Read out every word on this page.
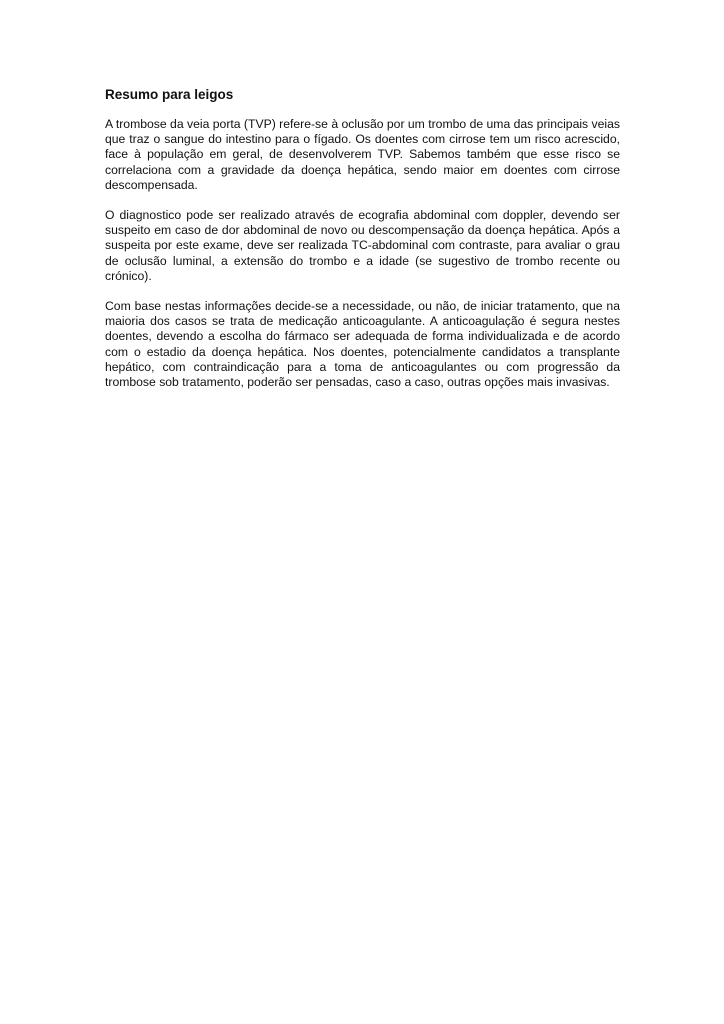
Resumo para leigos

A trombose da veia porta (TVP) refere-se à oclusão por um trombo de uma das principais veias que traz o sangue do intestino para o fígado. Os doentes com cirrose tem um risco acrescido, face à população em geral, de desenvolverem TVP. Sabemos também que esse risco se correlaciona com a gravidade da doença hepática, sendo maior em doentes com cirrose descompensada.

O diagnostico pode ser realizado através de ecografia abdominal com doppler, devendo ser suspeito em caso de dor abdominal de novo ou descompensação da doença hepática. Após a suspeita por este exame, deve ser realizada TC-abdominal com contraste, para avaliar o grau de oclusão luminal, a extensão do trombo e a idade (se sugestivo de trombo recente ou crónico).

Com base nestas informações decide-se a necessidade, ou não, de iniciar tratamento, que na maioria dos casos se trata de medicação anticoagulante. A anticoagulação é segura nestes doentes, devendo a escolha do fármaco ser adequada de forma individualizada e de acordo com o estadio da doença hepática. Nos doentes, potencialmente candidatos a transplante hepático, com contraindicação para a toma de anticoagulantes ou com progressão da trombose sob tratamento, poderão ser pensadas, caso a caso, outras opções mais invasivas.
